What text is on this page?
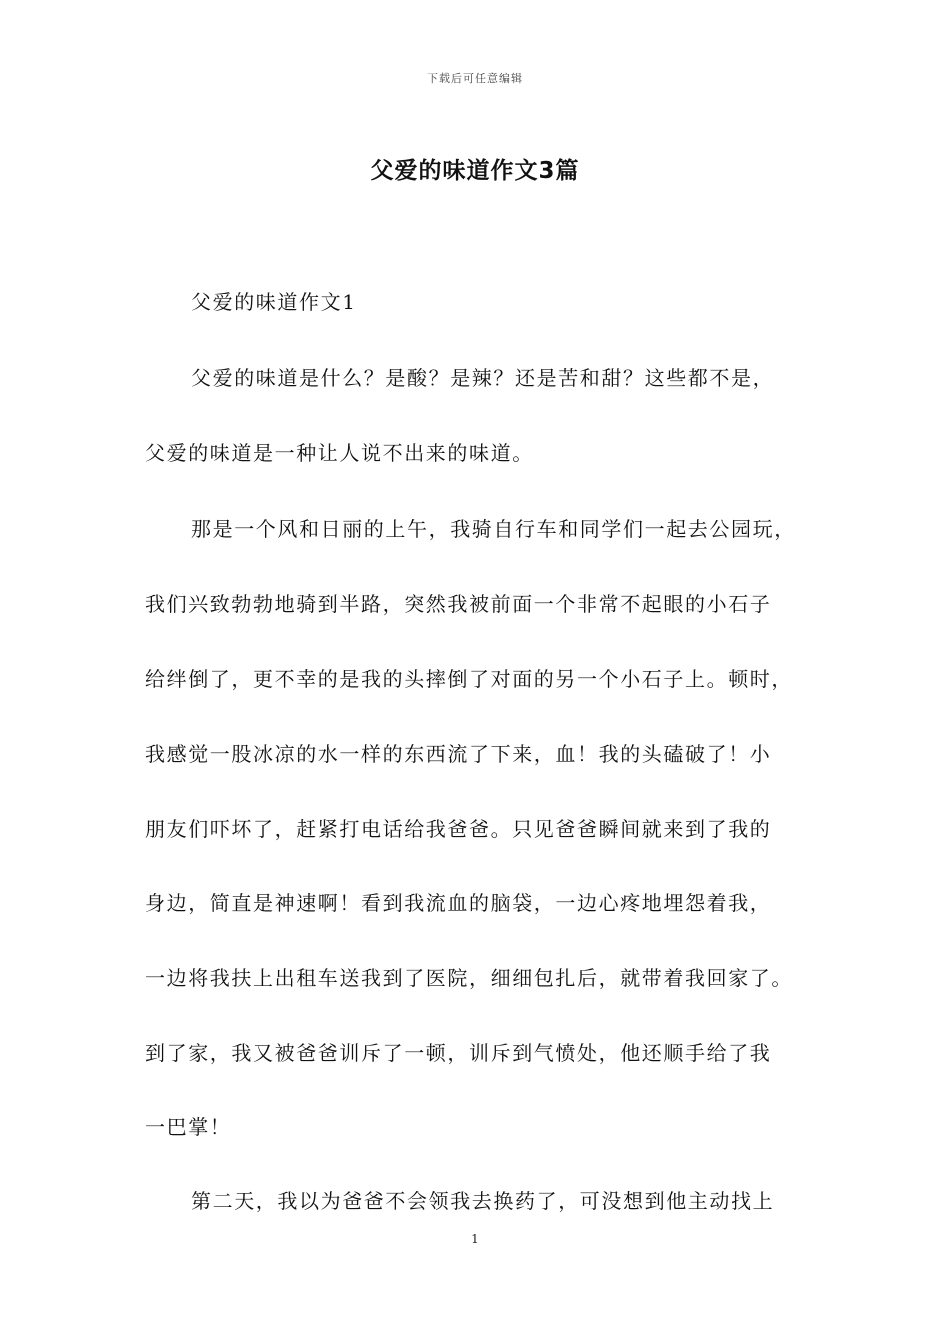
下载后可任意编辑
父爱的味道作文3篇
父爱的味道作文1
父爱的味道是什么？是酸？是辣？还是苦和甜？这些都不是，
父爱的味道是一种让人说不出来的味道。
那是一个风和日丽的上午，我骑自行车和同学们一起去公园玩，
我们兴致勃勃地骑到半路，突然我被前面一个非常不起眼的小石子
给绊倒了，更不幸的是我的头摔倒了对面的另一个小石子上。顿时，
我感觉一股冰凉的水一样的东西流了下来，血！我的头磕破了！小
朋友们吓坏了，赶紧打电话给我爸爸。只见爸爸瞬间就来到了我的
身边，简直是神速啊！看到我流血的脑袋，一边心疼地埋怨着我，
一边将我扶上出租车送我到了医院，细细包扎后，就带着我回家了。
到了家，我又被爸爸训斥了一顿，训斥到气愤处，他还顺手给了我
一巴掌！
第二天，我以为爸爸不会领我去换药了，可没想到他主动找上
1
